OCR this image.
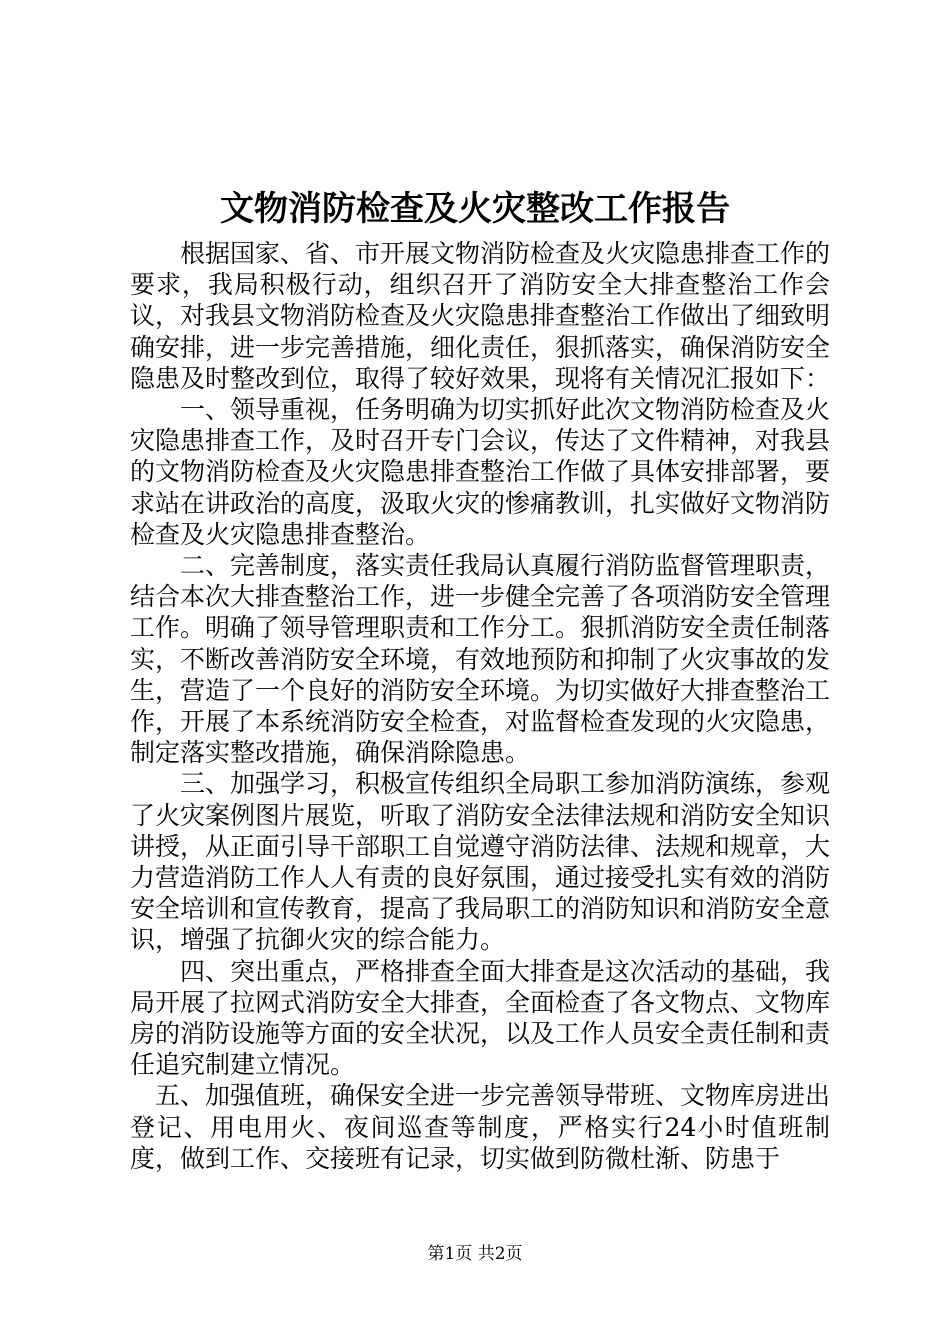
文物消防检查及火灾整改工作报告

根据国家、省、市开展文物消防检查及火灾隐患排查工作的要求，我局积极行动，组织召开了消防安全大排查整治工作会议，对我县文物消防检查及火灾隐患排查整治工作做出了细致明确安排，进一步完善措施，细化责任，狠抓落实，确保消防安全隐患及时整改到位，取得了较好效果，现将有关情况汇报如下：

一、领导重视，任务明确为切实抓好此次文物消防检查及火灾隐患排查工作，及时召开专门会议，传达了文件精神，对我县的文物消防检查及火灾隐患排查整治工作做了具体安排部署，要求站在讲政治的高度，汲取火灾的惨痛教训，扎实做好文物消防检查及火灾隐患排查整治。

二、完善制度，落实责任我局认真履行消防监督管理职责，结合本次大排查整治工作，进一步健全完善了各项消防安全管理工作。明确了领导管理职责和工作分工。狠抓消防安全责任制落实，不断改善消防安全环境，有效地预防和抑制了火灾事故的发生，营造了一个良好的消防安全环境。为切实做好大排查整治工作，开展了本系统消防安全检查，对监督检查发现的火灾隐患，制定落实整改措施，确保消除隐患。

三、加强学习，积极宣传组织全局职工参加消防演练，参观了火灾案例图片展览，听取了消防安全法律法规和消防安全知识讲授，从正面引导干部职工自觉遵守消防法律、法规和规章，大力营造消防工作人人有责的良好氛围，通过接受扎实有效的消防安全培训和宣传教育，提高了我局职工的消防知识和消防安全意识，增强了抗御火灾的综合能力。

四、突出重点，严格排查全面大排查是这次活动的基础，我局开展了拉网式消防安全大排查，全面检查了各文物点、文物库房的消防设施等方面的安全状况，以及工作人员安全责任制和责任追究制建立情况。

五、加强值班，确保安全进一步完善领导带班、文物库房进出登记、用电用火、夜间巡查等制度，严格实行24小时值班制度，做到工作、交接班有记录，切实做到防微杜渐、防患于

第1页 共2页
